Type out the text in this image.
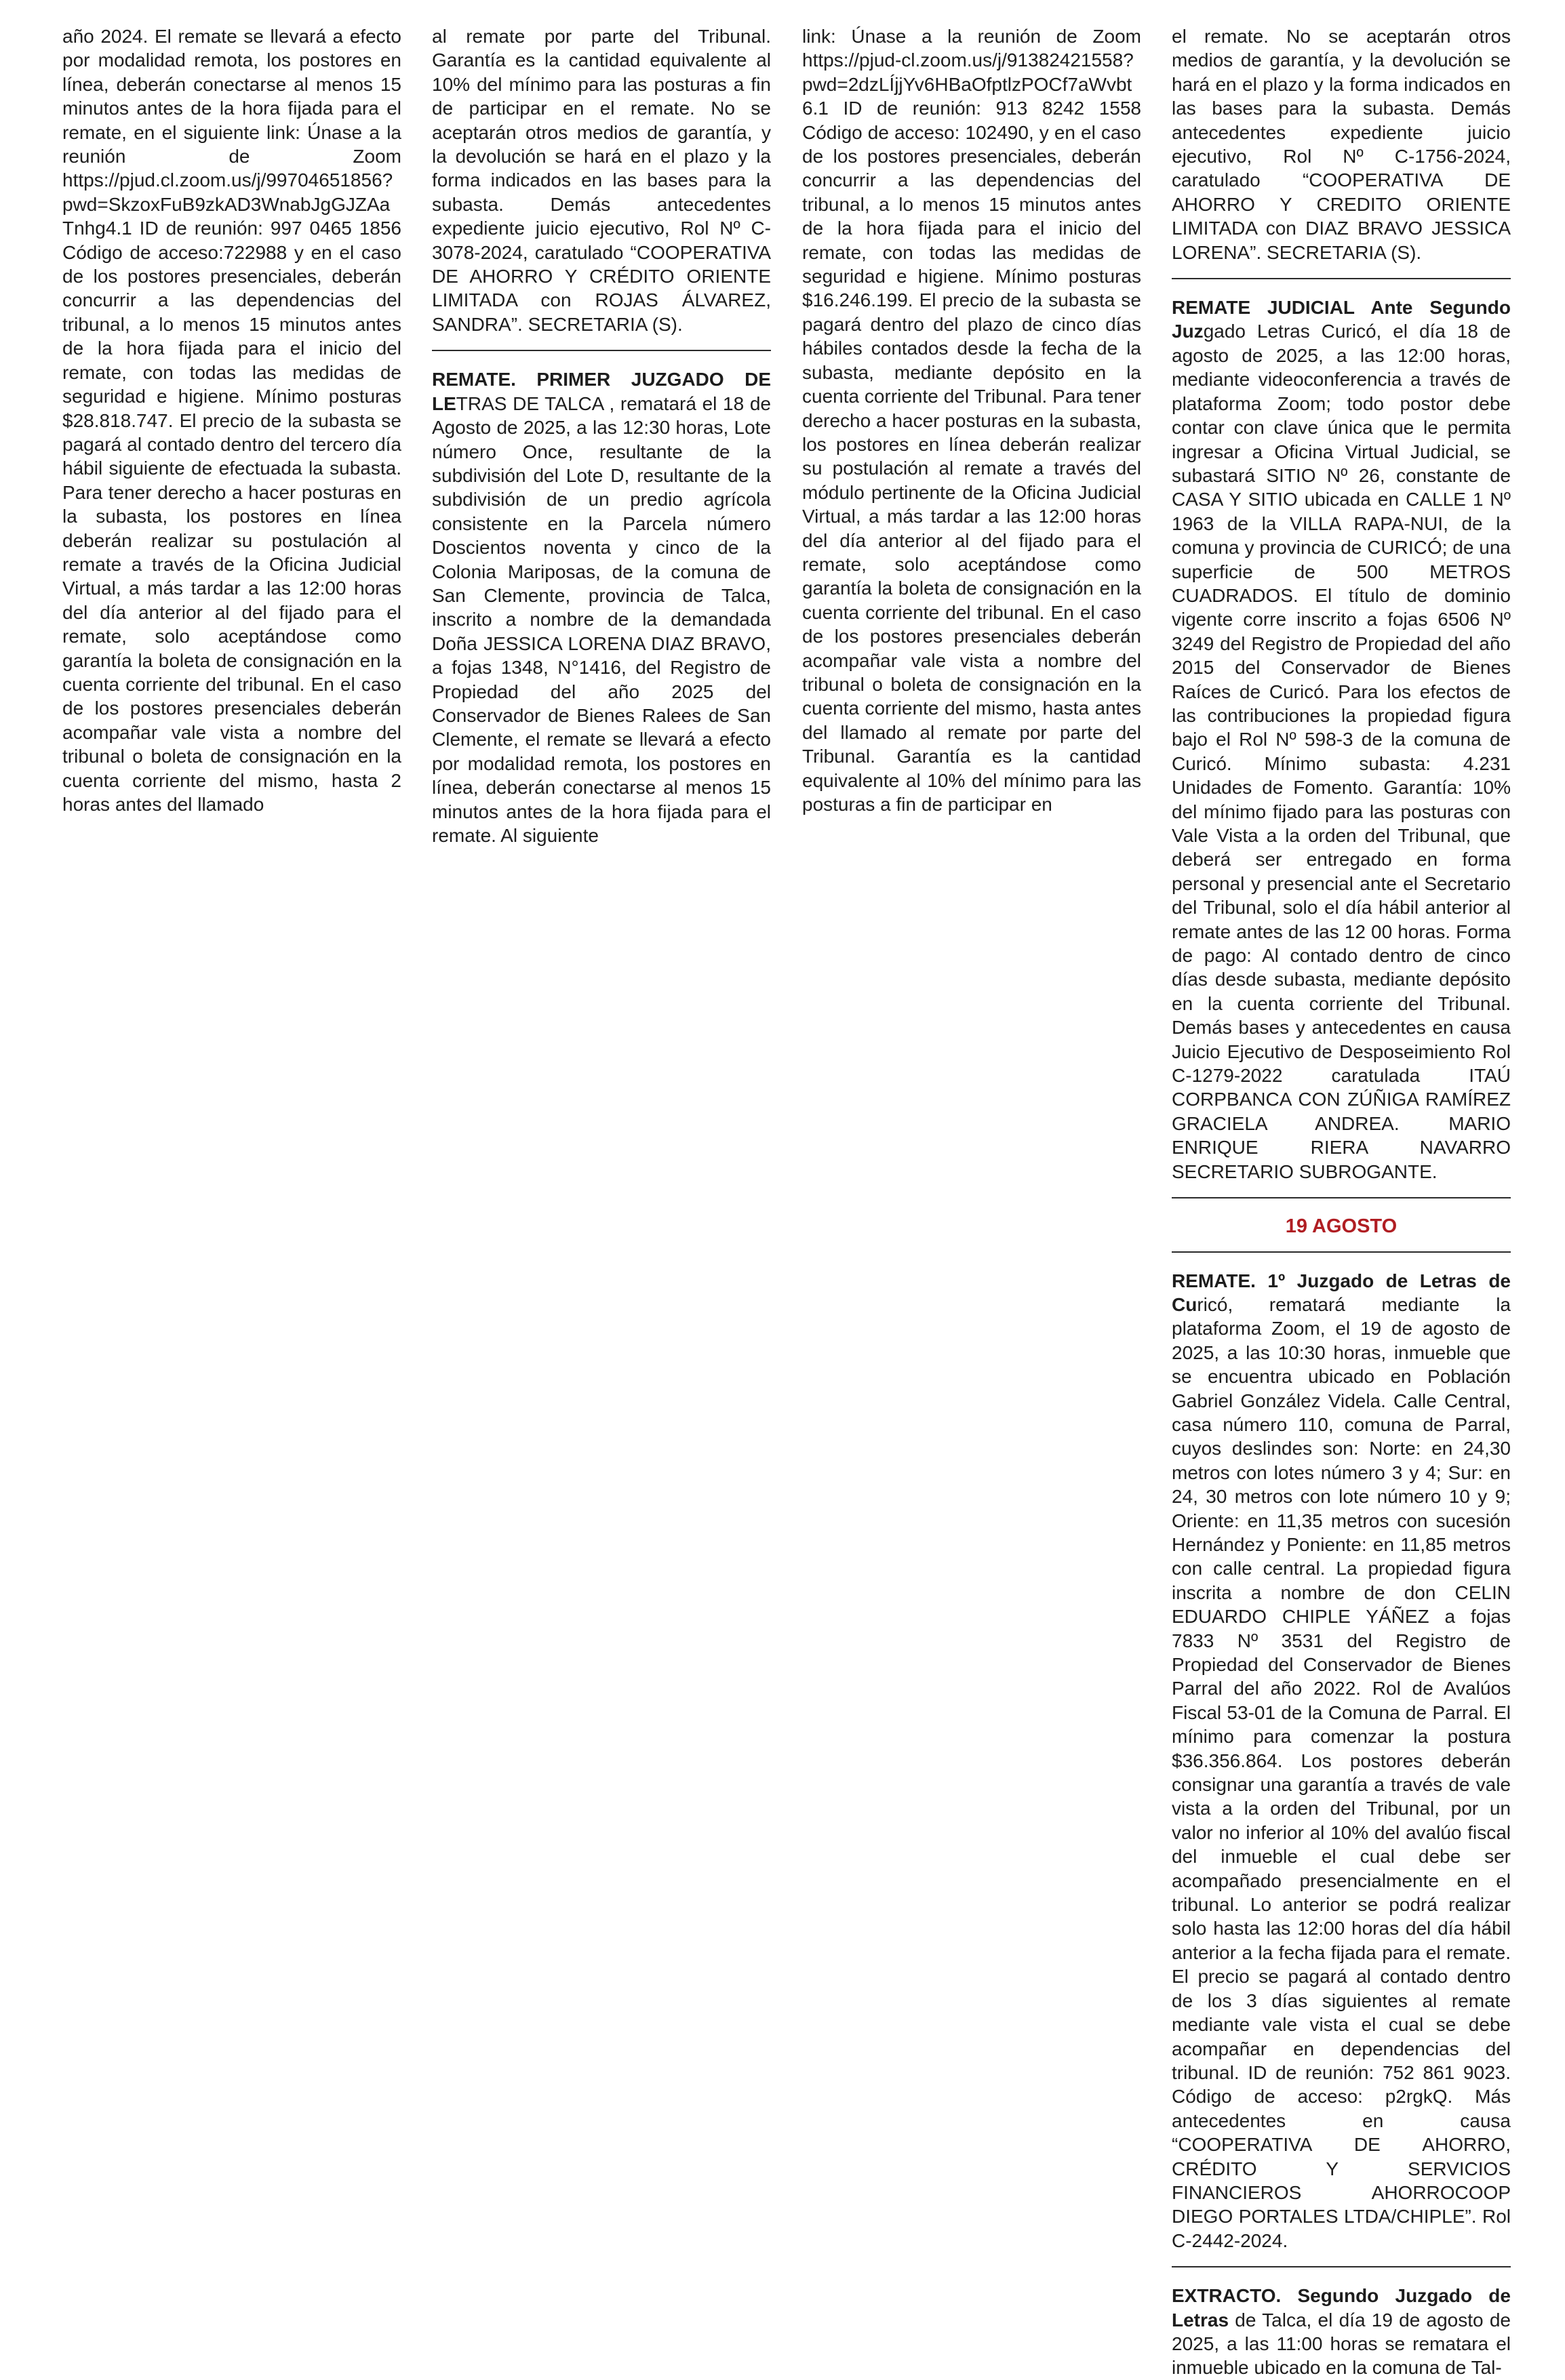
año 2024. El remate se llevará a efecto por modalidad remota, los postores en línea, deberán conectarse al menos 15 minutos antes de la hora fijada para el remate, en el siguiente link: Únase a la reunión de Zoom https://pjud.cl.zoom.us/j/99704651856?pwd=SkzoxFuB9zkAD3WnabJgGJZAaTnhg4.1 ID de reunión: 997 0465 1856 Código de acceso:722988 y en el caso de los postores presenciales, deberán concurrir a las dependencias del tribunal, a lo menos 15 minutos antes de la hora fijada para el inicio del remate, con todas las medidas de seguridad e higiene. Mínimo posturas $28.818.747. El precio de la subasta se pagará al contado dentro del tercero día hábil siguiente de efectuada la subasta. Para tener derecho a hacer posturas en la subasta, los postores en línea deberán realizar su postulación al remate a través de la Oficina Judicial Virtual, a más tardar a las 12:00 horas del día anterior al del fijado para el remate, solo aceptándose como garantía la boleta de consignación en la cuenta corriente del tribunal. En el caso de los postores presenciales deberán acompañar vale vista a nombre del tribunal o boleta de consignación en la cuenta corriente del mismo, hasta 2 horas antes del llamado

al remate por parte del Tribunal. Garantía es la cantidad equivalente al 10% del mínimo para las posturas a fin de participar en el remate. No se aceptarán otros medios de garantía, y la devolución se hará en el plazo y la forma indicados en las bases para la subasta. Demás antecedentes expediente juicio ejecutivo, Rol Nº C-3078-2024, caratulado “COOPERATIVA DE AHORRO Y CRÉDITO ORIENTE LIMITADA con ROJAS ÁLVAREZ, SANDRA”. SECRETARIA (S).

REMATE. PRIMER JUZGADO DE LETRAS DE TALCA , rematará el 18 de Agosto de 2025, a las 12:30 horas, Lote número Once, resultante de la subdivisión del Lote D, resultante de la subdivisión de un predio agrícola consistente en la Parcela número Doscientos noventa y cinco de la Colonia Mariposas, de la comuna de San Clemente, provincia de Talca, inscrito a nombre de la demandada Doña JESSICA LORENA DIAZ BRAVO, a fojas 1348, N°1416, del Registro de Propiedad del año 2025 del Conservador de Bienes Ralees de San Clemente, el remate se llevará a efecto por modalidad remota, los postores en línea, deberán conectarse al menos 15 minutos antes de la hora fijada para el remate. Al siguiente

link: Únase a la reunión de Zoom https://pjud-cl.zoom.us/j/91382421558?pwd=2dzLÍjjYv6HBaOfptlzPOCf7aWvbt6.1 ID de reunión: 913 8242 1558 Código de acceso: 102490, y en el caso de los postores presenciales, deberán concurrir a las dependencias del tribunal, a lo menos 15 minutos antes de la hora fijada para el inicio del remate, con todas las medidas de seguridad e higiene. Mínimo posturas $16.246.199. El precio de la subasta se pagará dentro del plazo de cinco días hábiles contados desde la fecha de la subasta, mediante depósito en la cuenta corriente del Tribunal. Para tener derecho a hacer posturas en la subasta, los postores en línea deberán realizar su postulación al remate a través del módulo pertinente de la Oficina Judicial Virtual, a más tardar a las 12:00 horas del día anterior al del fijado para el remate, solo aceptándose como garantía la boleta de consignación en la cuenta corriente del tribunal. En el caso de los postores presenciales deberán acompañar vale vista a nombre del tribunal o boleta de consignación en la cuenta corriente del mismo, hasta antes del llamado al remate por parte del Tribunal. Garantía es la cantidad equivalente al 10% del mínimo para las posturas a fin de participar en

el remate. No se aceptarán otros medios de garantía, y la devolución se hará en el plazo y la forma indicados en las bases para la subasta. Demás antecedentes expediente juicio ejecutivo, Rol Nº C-1756-2024, caratulado “COOPERATIVA DE AHORRO Y CREDITO ORIENTE LIMITADA con DIAZ BRAVO JESSICA LORENA”. SECRETARIA (S).

REMATE JUDICIAL Ante Segundo Juzgado Letras Curicó, el día 18 de agosto de 2025, a las 12:00 horas, mediante videoconferencia a través de plataforma Zoom; todo postor debe contar con clave única que le permita ingresar a Oficina Virtual Judicial, se subastará SITIO Nº 26, constante de CASA Y SITIO ubicada en CALLE 1 Nº 1963 de la VILLA RAPA-NUI, de la comuna y provincia de CURICÓ; de una superficie de 500 METROS CUADRADOS. El título de dominio vigente corre inscrito a fojas 6506 Nº 3249 del Registro de Propiedad del año 2015 del Conservador de Bienes Raíces de Curicó. Para los efectos de las contribuciones la propiedad figura bajo el Rol Nº 598-3 de la comuna de Curicó. Mínimo subasta: 4.231 Unidades de Fomento. Garantía: 10% del mínimo fijado para las posturas con Vale Vista a la orden del Tribunal, que deberá ser entregado en forma personal y presencial ante el Secretario del Tribunal, solo el día hábil anterior al remate antes de las 12 00 horas. Forma de pago: Al contado dentro de cinco días desde subasta, mediante depósito en la cuenta corriente del Tribunal. Demás bases y antecedentes en causa Juicio Ejecutivo de Desposeimiento Rol C-1279-2022 caratulada ITAÚ CORPBANCA CON ZÚÑIGA RAMÍREZ GRACIELA ANDREA. MARIO ENRIQUE RIERA NAVARRO SECRETARIO SUBROGANTE.

19 AGOSTO

REMATE. 1º Juzgado de Letras de Curicó, rematará mediante la plataforma Zoom, el 19 de agosto de 2025, a las 10:30 horas, inmueble que se encuentra ubicado en Población Gabriel González Videla. Calle Central, casa número 110, comuna de Parral, cuyos deslindes son: Norte: en 24,30 metros con lotes número 3 y 4; Sur: en 24, 30 metros con lote número 10 y 9; Oriente: en 11,35 metros con sucesión Hernández y Poniente: en 11,85 metros con calle central. La propiedad figura inscrita a nombre de don CELIN EDUARDO CHIPLE YÁÑEZ a fojas 7833 Nº 3531 del Registro de Propiedad del Conservador de Bienes Parral del año 2022. Rol de Avalúos Fiscal 53-01 de la Comuna de Parral. El mínimo para comenzar la postura $36.356.864. Los postores deberán consignar una garantía a través de vale vista a la orden del Tribunal, por un valor no inferior al 10% del avalúo fiscal del inmueble el cual debe ser acompañado presencialmente en el tribunal. Lo anterior se podrá realizar solo hasta las 12:00 horas del día hábil anterior a la fecha fijada para el remate. El precio se pagará al contado dentro de los 3 días siguientes al remate mediante vale vista el cual se debe acompañar en dependencias del tribunal. ID de reunión: 752 861 9023. Código de acceso: p2rgkQ. Más antecedentes en causa “COOPERATIVA DE AHORRO, CRÉDITO Y SERVICIOS FINANCIEROS AHORROCOOP DIEGO PORTALES LTDA/CHIPLE”. Rol C-2442-2024.

EXTRACTO. Segundo Juzgado de Letras de Talca, el día 19 de agosto de 2025, a las 11:00 horas se rematara el inmueble ubicado en la comuna de Tal-
